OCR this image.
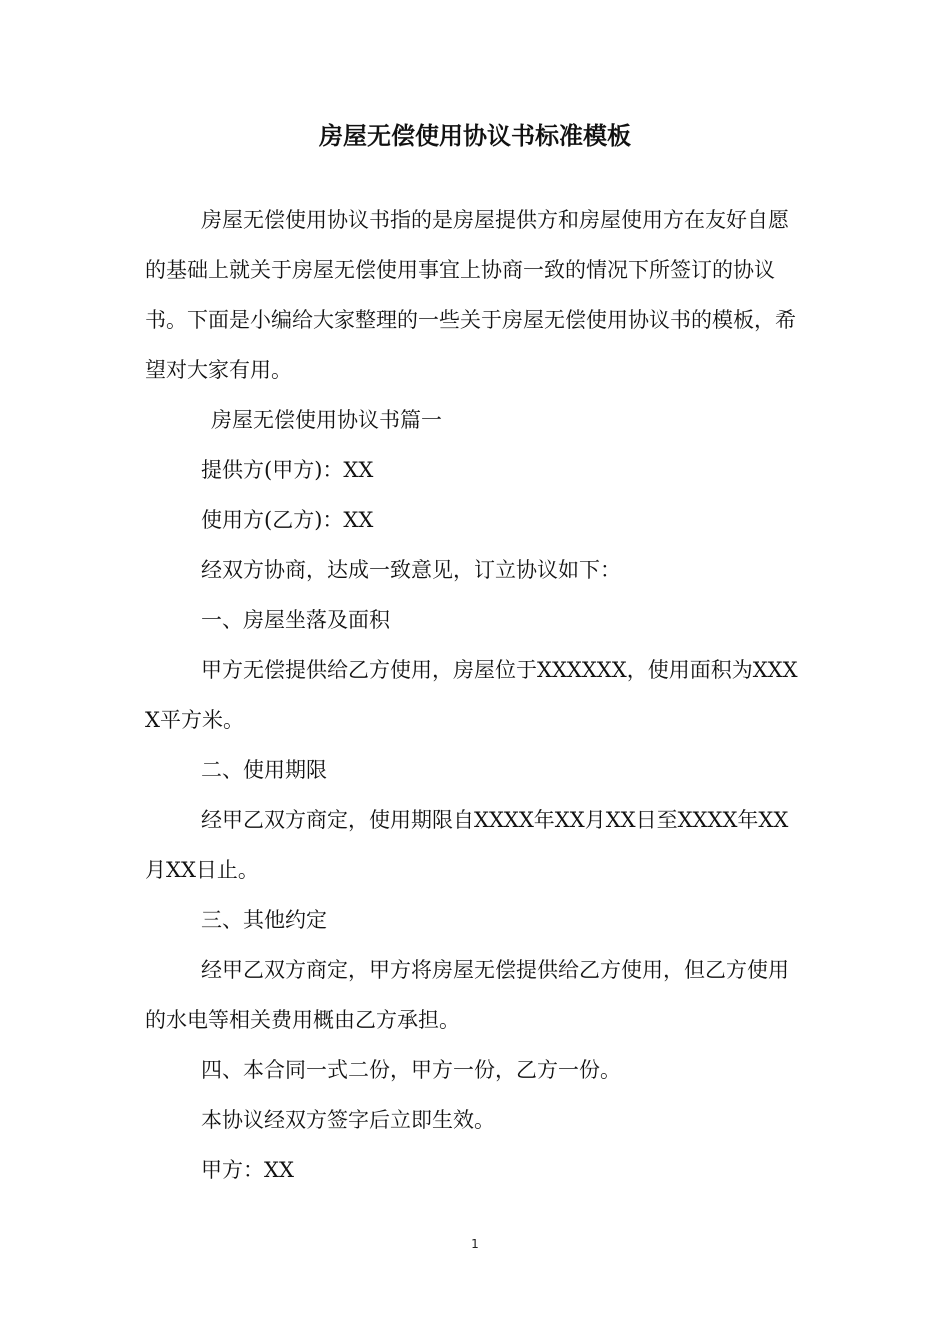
房屋无偿使用协议书标准模板

房屋无偿使用协议书指的是房屋提供方和房屋使用方在友好自愿的基础上就关于房屋无偿使用事宜上协商一致的情况下所签订的协议书。下面是小编给大家整理的一些关于房屋无偿使用协议书的模板，希望对大家有用。

房屋无偿使用协议书篇一

提供方(甲方)：XX

使用方(乙方)：XX

经双方协商，达成一致意见，订立协议如下：

一、房屋坐落及面积

甲方无偿提供给乙方使用，房屋位于XXXXXX，使用面积为XXXX平方米。

二、使用期限

经甲乙双方商定，使用期限自XXXX年XX月XX日至XXXX年XX月XX日止。

三、其他约定

经甲乙双方商定，甲方将房屋无偿提供给乙方使用，但乙方使用的水电等相关费用概由乙方承担。

四、本合同一式二份，甲方一份，乙方一份。

本协议经双方签字后立即生效。

甲方：XX

1
